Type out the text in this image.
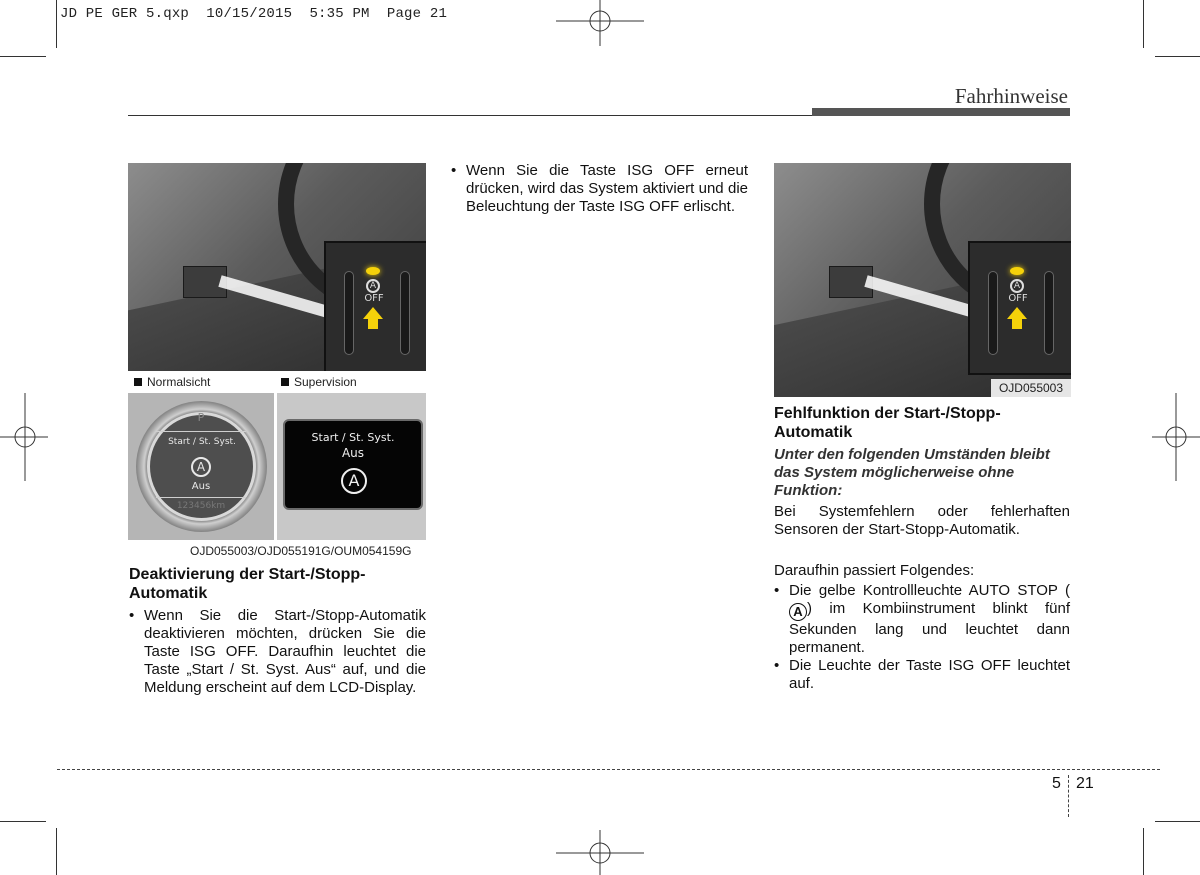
JD PE GER 5.qxp  10/15/2015  5:35 PM  Page 21
Fahrhinweise
A
OFF
Normalsicht	Supervision
P
Start / St. Syst.
A
Aus
123456km
Start / St. Syst.
Aus
A
OJD055003/OJD055191G/OUM054159G
Deaktivierung der Start-/Stopp-Automatik
• Wenn Sie die Start-/Stopp-Automatik deaktivieren möchten, drücken Sie die Taste ISG OFF. Daraufhin leuchtet die Taste „Start / St. Syst. Aus“ auf, und die Meldung erscheint auf dem LCD-Display.
• Wenn Sie die Taste ISG OFF erneut drücken, wird das System aktiviert und die Beleuchtung der Taste ISG OFF erlischt.
A
OFF
OJD055003
Fehlfunktion der Start-/Stopp-Automatik
Unter den folgenden Umständen bleibt das System möglicherweise ohne Funktion:
Bei Systemfehlern oder fehlerhaften Sensoren der Start-Stopp-Automatik.
Daraufhin passiert Folgendes:
• Die gelbe Kontrollleuchte AUTO STOP (A ) im Kombiinstrument blinkt fünf Sekunden lang und leuchtet dann permanent.
• Die Leuchte der Taste ISG OFF leuchtet auf.
5 21
